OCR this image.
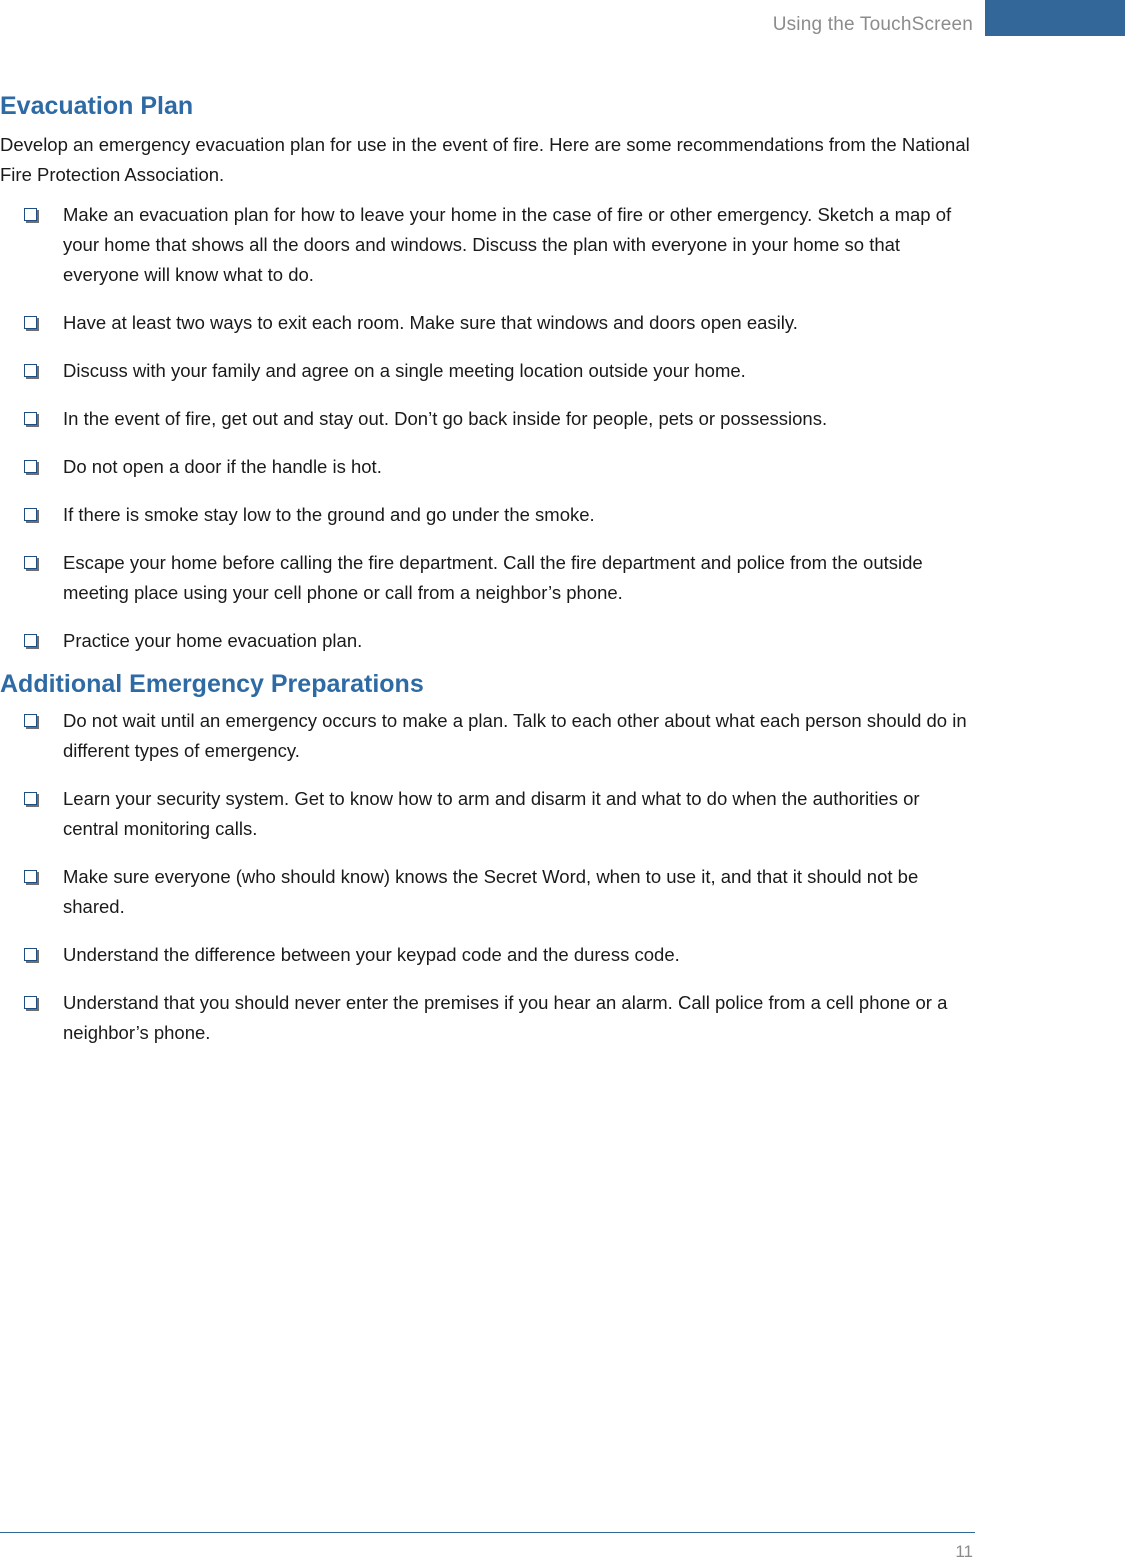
Using the TouchScreen
Evacuation Plan

Develop an emergency evacuation plan for use in the event of fire. Here are some recommendations from the National Fire Protection Association.

Make an evacuation plan for how to leave your home in the case of fire or other emergency. Sketch a map of your home that shows all the doors and windows. Discuss the plan with everyone in your home so that everyone will know what to do.
Have at least two ways to exit each room. Make sure that windows and doors open easily.
Discuss with your family and agree on a single meeting location outside your home.
In the event of fire, get out and stay out. Don’t go back inside for people, pets or possessions.
Do not open a door if the handle is hot.
If there is smoke stay low to the ground and go under the smoke.
Escape your home before calling the fire department. Call the fire department and police from the outside meeting place using your cell phone or call from a neighbor’s phone.
Practice your home evacuation plan.
Additional Emergency Preparations
Do not wait until an emergency occurs to make a plan. Talk to each other about what each person should do in different types of emergency.
Learn your security system. Get to know how to arm and disarm it and what to do when the authorities or central monitoring calls.
Make sure everyone (who should know) knows the Secret Word, when to use it, and that it should not be shared.
Understand the difference between your keypad code and the duress code.
Understand that you should never enter the premises if you hear an alarm. Call police from a cell phone or a neighbor’s phone.
11
